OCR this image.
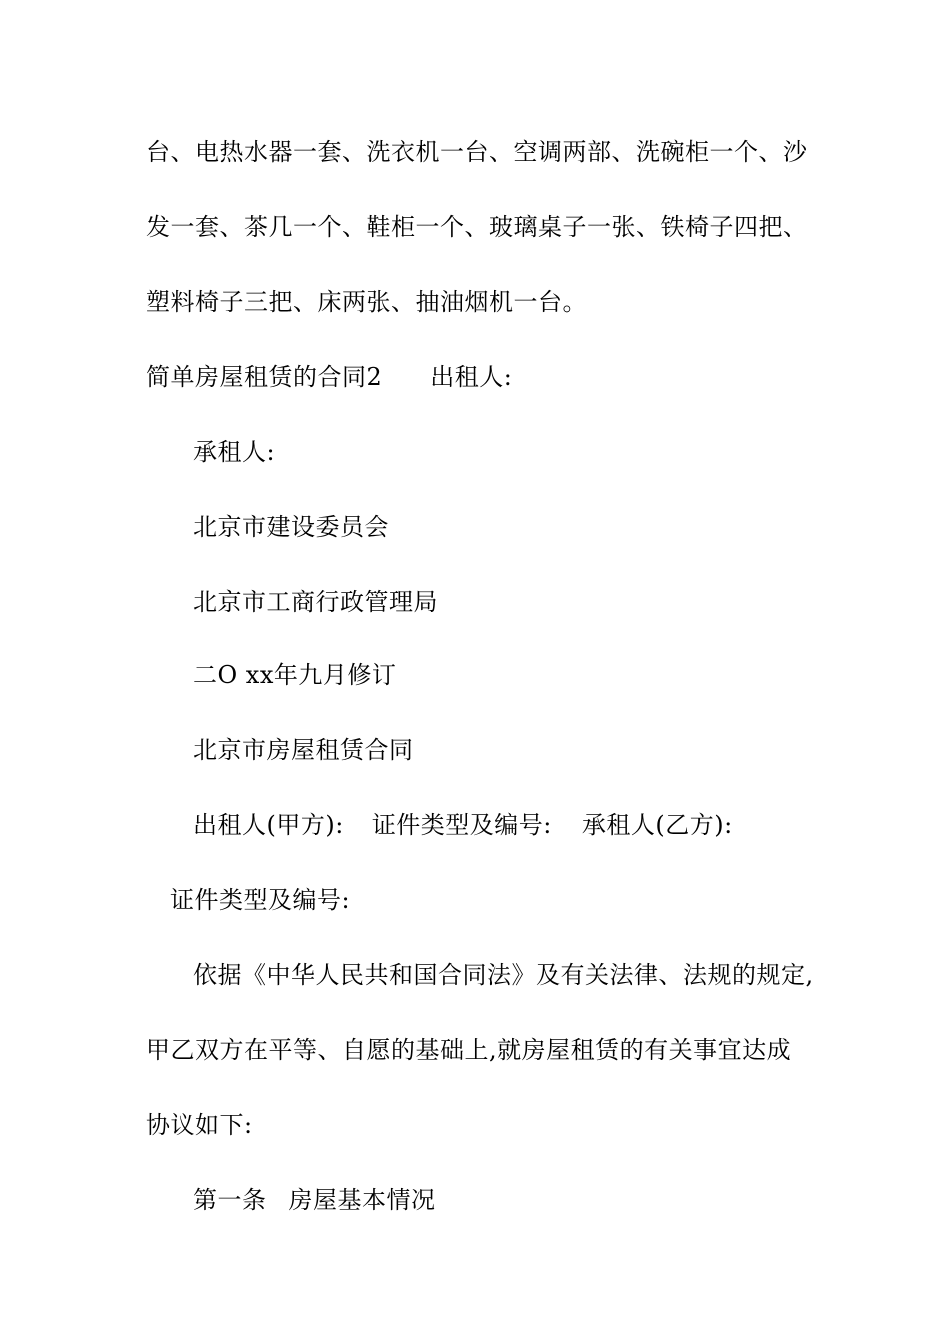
台、电热水器一套、洗衣机一台、空调两部、洗碗柜一个、沙
发一套、茶几一个、鞋柜一个、玻璃桌子一张、铁椅子四把、
塑料椅子三把、床两张、抽油烟机一台。
简单房屋租赁的合同2 出租人:
承租人:
北京市建设委员会
北京市工商行政管理局
二O xx年九月修订
北京市房屋租赁合同
出租人(甲方): 证件类型及编号: 承租人(乙方):
证件类型及编号:
依据《中华人民共和国合同法》及有关法律、法规的规定,
甲乙双方在平等、自愿的基础上,就房屋租赁的有关事宜达成
协议如下:
第一条 房屋基本情况
